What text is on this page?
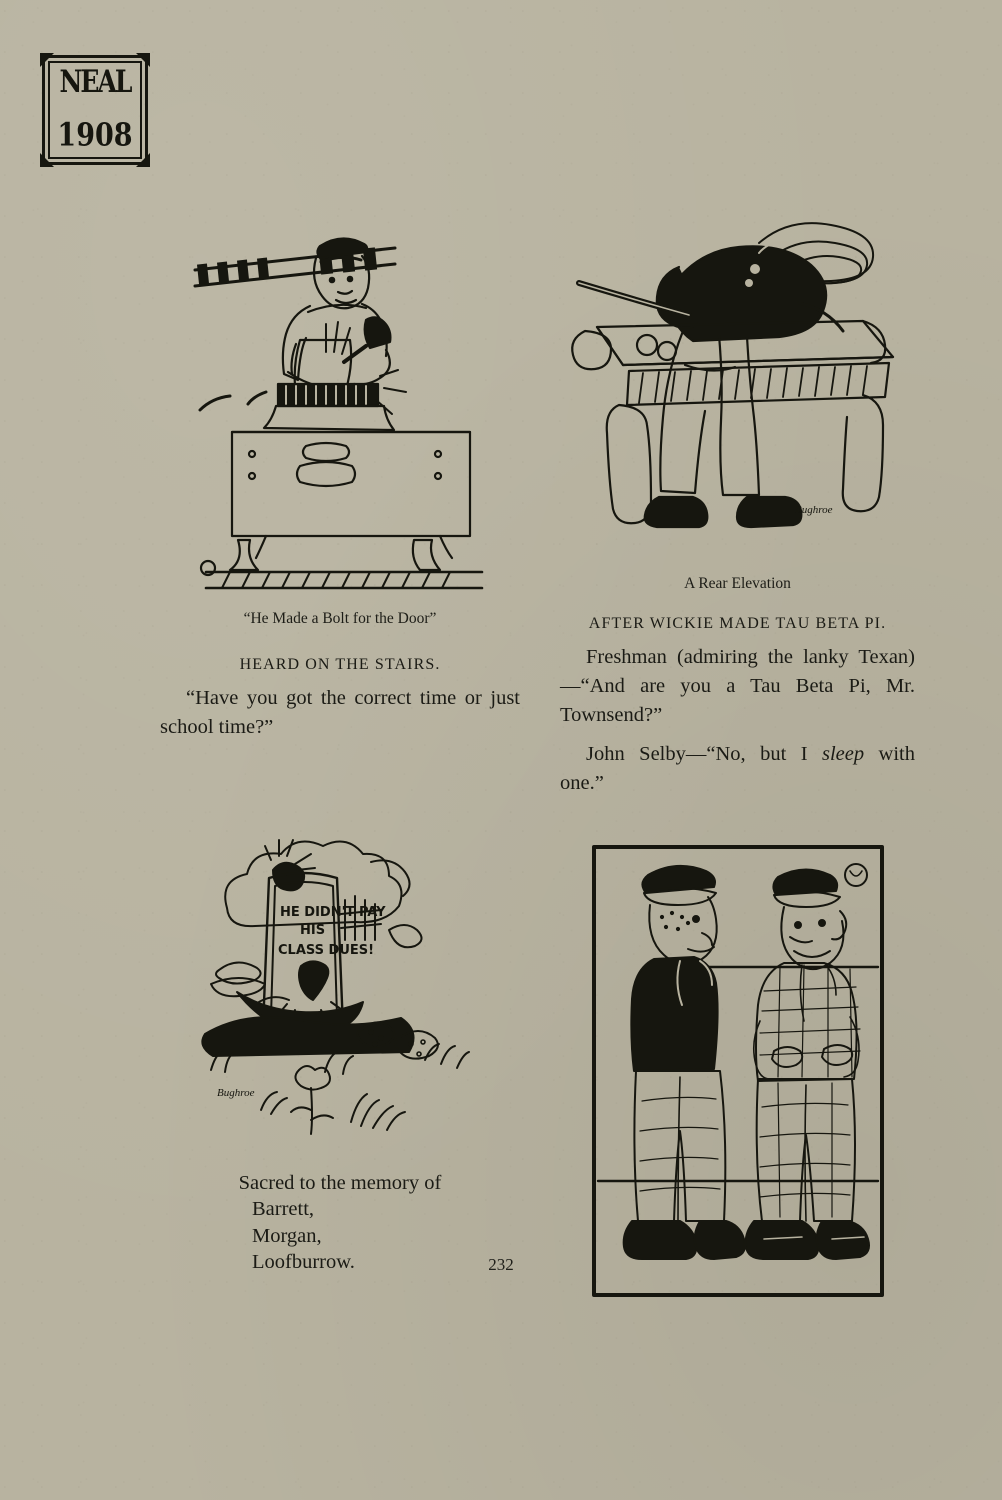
NEAL
1908
“He Made a Bolt for the Door”
HEARD ON THE STAIRS.
“Have you got the correct time or just school time?”
HE DIDN'T PAY
HIS
CLASS DUES!
Bughroe
Sacred to the memory of
Barrett,
Morgan,
Loofburrow.
Bughroe
A Rear Elevation
AFTER WICKIE MADE TAU BETA PI.
Freshman (admiring the lanky Texan)—“And are you a Tau Beta Pi, Mr. Townsend?”
John Selby—“No, but I sleep with one.”
232
